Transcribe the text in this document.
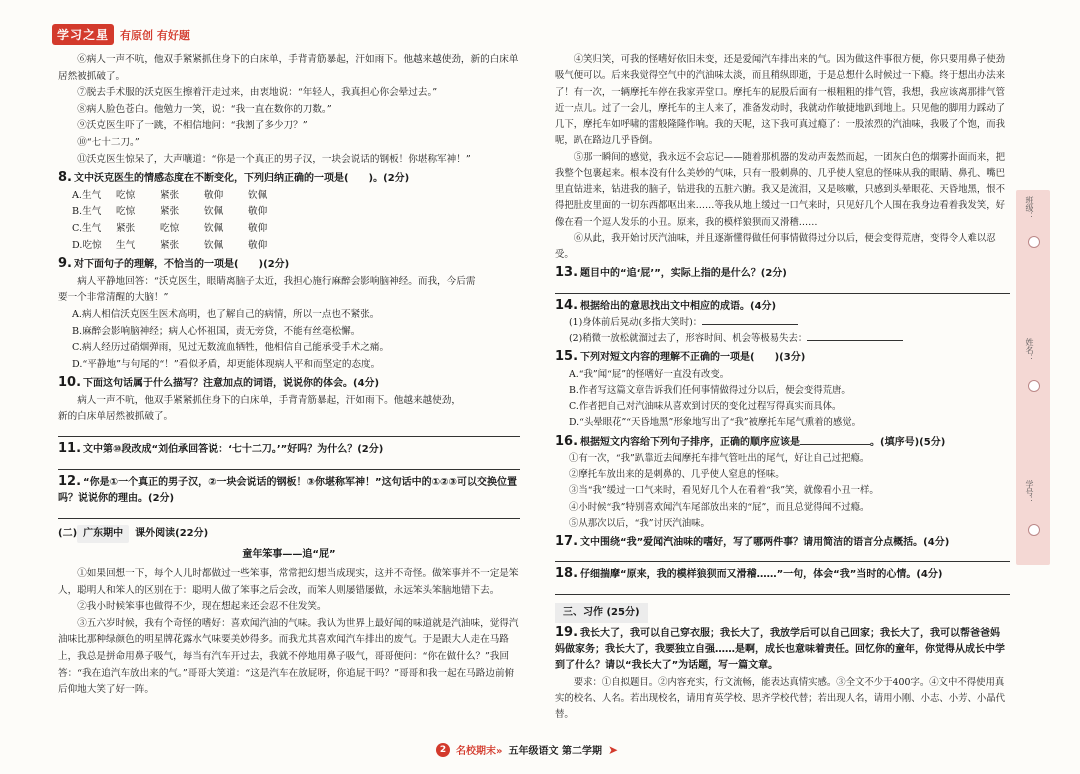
学习之星	有原创 有好题

⑥病人一声不吭，他双手紧紧抓住身下的白床单，手背青筋暴起，汗如雨下。他越来越使劲，新的白床单居然被抓破了。

⑦脱去手术服的沃克医生擦着汗走过来，由衷地说：“年轻人，我真担心你会晕过去。”

⑧病人脸色苍白。他勉力一笑，说：“我一直在数你的刀数。”

⑨沃克医生吓了一跳，不相信地问：“我割了多少刀？”

⑩“七十二刀。”

⑪沃克医生惊呆了，大声嚷道：“你是一个真正的男子汉，一块会说话的钢板！你堪称军神！”

8. 文中沃克医生的情感态度在不断变化，下列归纳正确的一项是(　　)。(2分)

A.生气	吃惊	紧张	敬仰	钦佩
B.生气	吃惊	紧张	钦佩	敬仰
C.生气	紧张	吃惊	钦佩	敬仰
D.吃惊	生气	紧张	钦佩	敬仰

9. 对下面句子的理解，不恰当的一项是(　　)(2分)

病人平静地回答：“沃克医生，眼睛离脑子太近，我担心施行麻醉会影响脑神经。而我，今后需

要一个非常清醒的大脑！”

A.病人相信沃克医生医术高明，也了解自己的病情，所以一点也不紧张。

B.麻醉会影响脑神经；病人心怀祖国，责无旁贷，不能有丝毫松懈。

C.病人经历过硝烟弹雨，见过无数流血牺牲，他相信自己能承受手术之痛。

D.“平静地”与句尾的“！”看似矛盾，却更能体现病人平和而坚定的态度。

10. 下面这句话属于什么描写？注意加点的词语，说说你的体会。(4分)

病人一声不吭，他双手紧紧抓住身下的白床单，手背青筋暴起，汗如雨下。他越来越使劲，

新的白床单居然被抓破了。

11. 文中第⑩段改成“刘伯承回答说：‘七十二刀。’”好吗？为什么？(2分)

12. “你是①一个真正的男子汉，②一块会说话的钢板！③你堪称军神！”这句话中的①②③可以交换位置吗？说说你的理由。(2分)

(二) 广东期中	课外阅读(22分)

童年笨事——追“屁”

①如果回想一下，每个人儿时都做过一些笨事，常常把幻想当成现实，这并不奇怪。做笨事并不一定是笨人，聪明人和笨人的区别在于：聪明人做了笨事之后会改，而笨人则屡错屡做，永远笨头笨脑地错下去。

②我小时候笨事也做得不少，现在想起来还会忍不住发笑。

③五六岁时候，我有个奇怪的嗜好：喜欢闻汽油的气味。我认为世界上最好闻的味道就是汽油味，觉得汽油味比那种绿颜色的明星牌花露水气味要美妙得多。而我尤其喜欢闻汽车排出的废气。于是跟大人走在马路上，我总是拼命用鼻子吸气，每当有汽车开过去，我就不停地用鼻子吸气，哥哥便问：“你在做什么？”我回答：“我在追汽车放出来的气。”哥哥大笑道：“这是汽车在放屁呀，你追屁干吗？”哥哥和我一起在马路边前俯后仰地大笑了好一阵。

④笑归笑，可我的怪嗜好依旧未变，还是爱闻汽车排出来的气。因为做这件事很方便，你只要用鼻子使劲吸气便可以。后来我觉得空气中的汽油味太淡，而且稍纵即逝，于是总想什么时候过一下瘾。终于想出办法来了！有一次，一辆摩托车停在我家弄堂口。摩托车的屁股后面有一根粗粗的排气管，我想，我应该离那排气管近一点儿。过了一会儿，摩托车的主人来了，准备发动时，我就动作敏捷地趴到地上。只见他的脚用力踩动了几下，摩托车如呼啸的雷般隆隆作响。我的天呢，这下我可真过瘾了：一股浓烈的汽油味，我吸了个饱，而我呢，趴在路边几乎昏倒。

⑤那一瞬间的感觉，我永远不会忘记——随着那机器的发动声轰然而起，一团灰白色的烟雾扑面而来，把我整个包裹起来。根本没有什么美妙的气味，只有一股刺鼻的、几乎使人窒息的怪味从我的眼睛、鼻孔、嘴巴里直钻进来，钻进我的脑子，钻进我的五脏六腑。我又是流泪，又是咳嗽，只感到头晕眼花、天昏地黑，恨不得把肚皮里面的一切东西都呕出来……等我从地上缓过一口气来时，只见好几个人围在我身边看着我发笑，好像在看一个逗人发乐的小丑。原来，我的模样狼狈而又滑稽……

⑥从此，我开始讨厌汽油味，并且逐渐懂得做任何事情做得过分以后，便会变得荒唐，变得令人难以忍受。

13. 题目中的“追‘屁’”，实际上指的是什么？(2分)

14. 根据给出的意思找出文中相应的成语。(4分)

(1)身体前后晃动(多指大笑时)：

(2)稍微一放松就溜过去了，形容时间、机会等极易失去：

15. 下列对短文内容的理解不正确的一项是(　　)(3分)

A.“我”闻“屁”的怪嗜好一直没有改变。

B.作者写这篇文章告诉我们任何事情做得过分以后，便会变得荒唐。

C.作者把自己对汽油味从喜欢到讨厌的变化过程写得真实而具体。

D.“头晕眼花”“天昏地黑”形象地写出了“我”被摩托车尾气熏着的感觉。

16. 根据短文内容给下列句子排序，正确的顺序应该是	。(填序号)(5分)

①有一次，“我”趴靠近去闻摩托车排气管吐出的尾气，好让自己过把瘾。

②摩托车放出来的是刺鼻的、几乎使人窒息的怪味。

③当“我”缓过一口气来时，看见好几个人在看着“我”笑，就像看小丑一样。

④小时候“我”特别喜欢闻汽车尾部放出来的“屁”，而且总觉得闻不过瘾。

⑤从那次以后，“我”讨厌汽油味。

17. 文中围绕“我”爱闻汽油味的嗜好，写了哪两件事？请用简洁的语言分点概括。(4分)

18. 仔细揣摩“原来，我的模样狼狈而又滑稽……”一句，体会“我”当时的心情。(4分)

三、习作 (25分)

19. 我长大了，我可以自己穿衣服；我长大了，我放学后可以自己回家；我长大了，我可以帮爸爸妈妈做家务；我长大了，我要独立自强……是啊，成长也意味着责任。回忆你的童年，你觉得从成长中学到了什么？请以“我长大了”为话题，写一篇文章。

要求：①自拟题目。②内容充实，行文流畅，能表达真情实感。③全文不少于400字。④文中不得使用真实的校名、人名。若出现校名，请用育英学校、思齐学校代替；若出现人名，请用小刚、小志、小芳、小晶代替。

班级：
姓名：
学号：
2 名校期末» 五年级语文 第二学期 ➤
